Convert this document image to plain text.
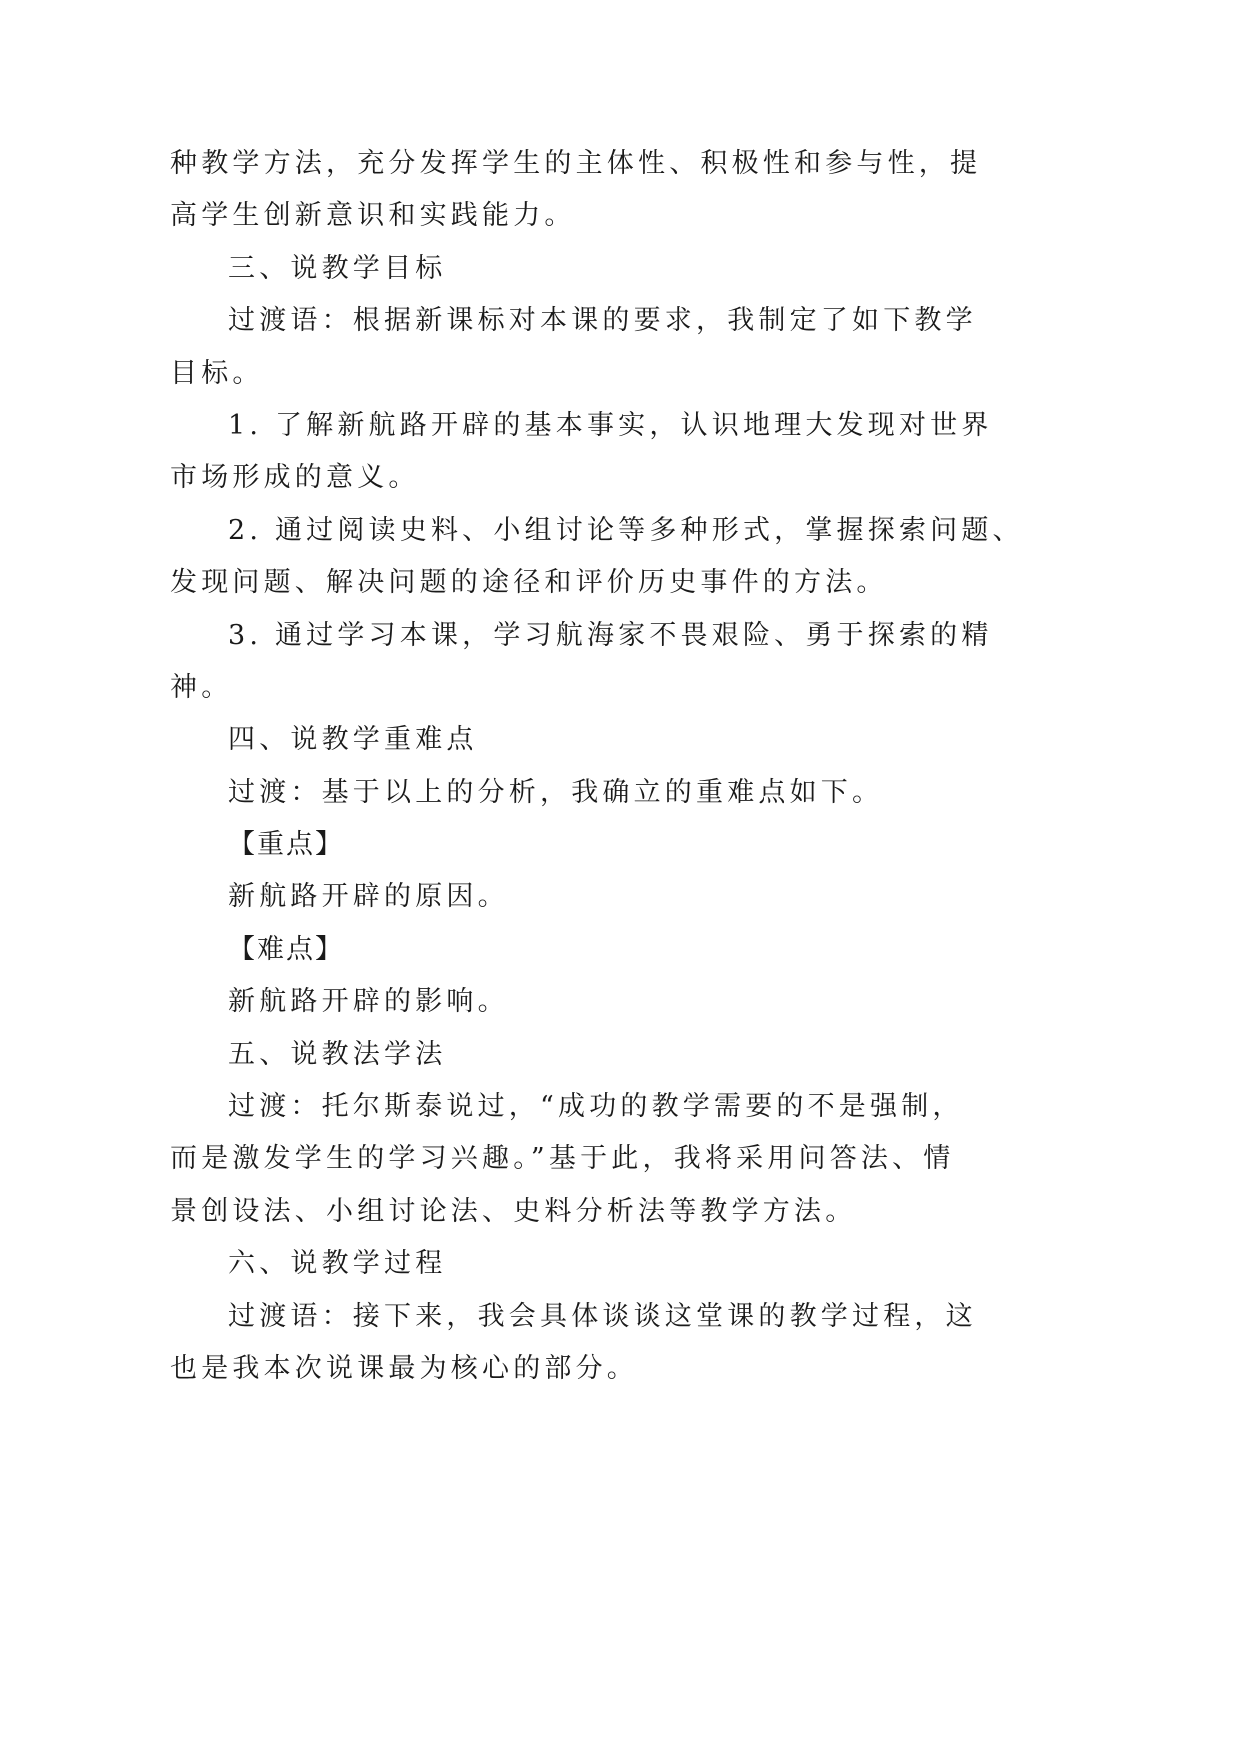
种教学方法，充分发挥学生的主体性、积极性和参与性，提
高学生创新意识和实践能力。
三、说教学目标
过渡语：根据新课标对本课的要求，我制定了如下教学
目标。
1. 了解新航路开辟的基本事实，认识地理大发现对世界
市场形成的意义。
2. 通过阅读史料、小组讨论等多种形式，掌握探索问题、
发现问题、解决问题的途径和评价历史事件的方法。
3. 通过学习本课，学习航海家不畏艰险、勇于探索的精
神。
四、说教学重难点
过渡：基于以上的分析，我确立的重难点如下。
【重点】
新航路开辟的原因。
【难点】
新航路开辟的影响。
五、说教法学法
过渡：托尔斯泰说过，“成功的教学需要的不是强制，
而是激发学生的学习兴趣。”基于此，我将采用问答法、情
景创设法、小组讨论法、史料分析法等教学方法。
六、说教学过程
过渡语：接下来，我会具体谈谈这堂课的教学过程，这
也是我本次说课最为核心的部分。
